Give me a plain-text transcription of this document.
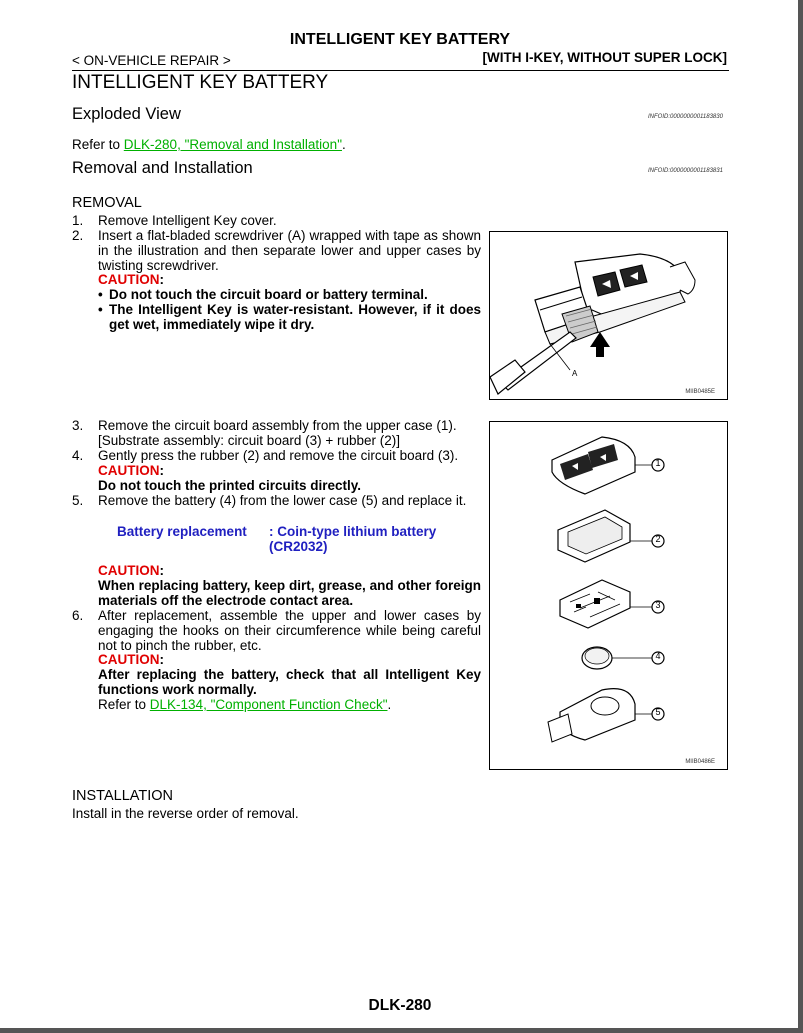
INTELLIGENT KEY BATTERY
< ON-VEHICLE REPAIR >	[WITH I-KEY, WITHOUT SUPER LOCK]
INTELLIGENT KEY BATTERY
Exploded View	INFOID:0000000001183830
Refer to DLK-280, "Removal and Installation".
Removal and Installation	INFOID:0000000001183831
REMOVAL
1. Remove Intelligent Key cover.
2. Insert a flat-bladed screwdriver (A) wrapped with tape as shown in the illustration and then separate lower and upper cases by twisting screwdriver.
CAUTION:
• Do not touch the circuit board or battery terminal.
• The Intelligent Key is water-resistant. However, if it does get wet, immediately wipe it dry.
A
MIIB0485E
3. Remove the circuit board assembly from the upper case (1).
[Substrate assembly: circuit board (3) + rubber (2)]
4. Gently press the rubber (2) and remove the circuit board (3).
CAUTION:
Do not touch the printed circuits directly.
5. Remove the battery (4) from the lower case (5) and replace it.
Battery replacement : Coin-type lithium battery (CR2032)
CAUTION:
When replacing battery, keep dirt, grease, and other foreign materials off the electrode contact area.
6. After replacement, assemble the upper and lower cases by engaging the hooks on their circumference while being careful not to pinch the rubber, etc.
CAUTION:
After replacing the battery, check that all Intelligent Key functions work normally.
Refer to DLK-134, "Component Function Check".
1
2
3
4
5
MIIB0486E
INSTALLATION
Install in the reverse order of removal.
DLK-280
